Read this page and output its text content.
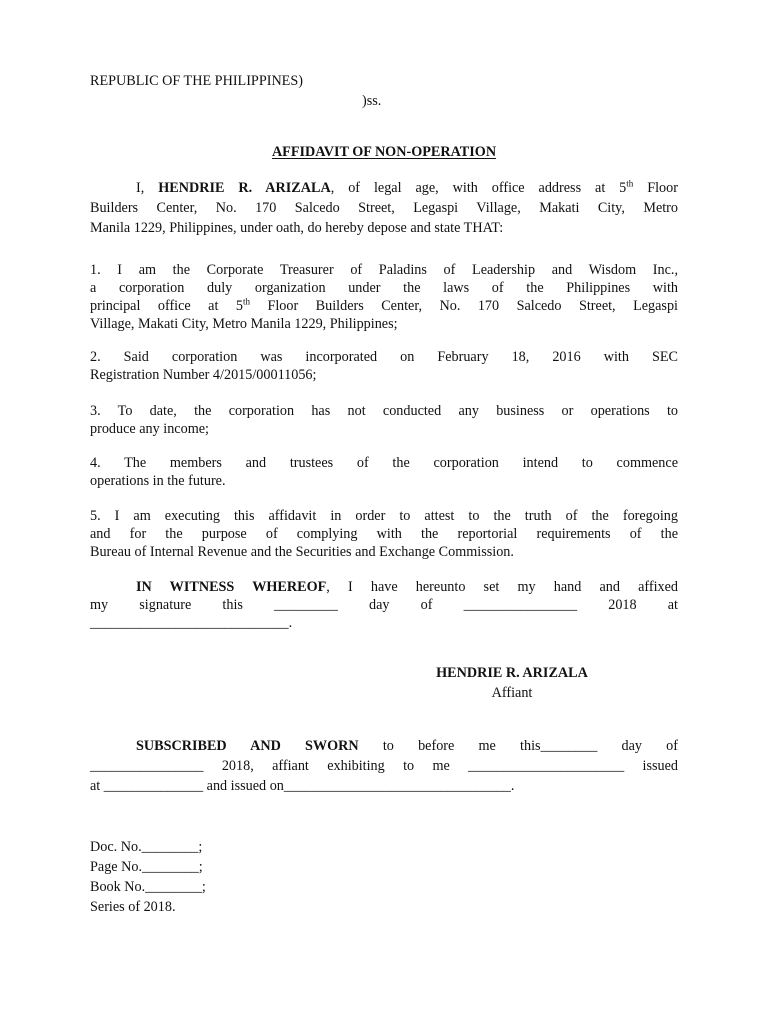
REPUBLIC OF THE PHILIPPINES)
)ss.
AFFIDAVIT OF NON-OPERATION
I, HENDRIE R. ARIZALA, of legal age, with office address at 5th Floor
Builders Center, No. 170 Salcedo Street, Legaspi Village, Makati City, Metro
Manila 1229, Philippines, under oath, do hereby depose and state THAT:
1. I am the Corporate Treasurer of Paladins of Leadership and Wisdom Inc.,
a corporation duly organization under the laws of the Philippines with
principal office at 5th Floor Builders Center, No. 170 Salcedo Street, Legaspi
Village, Makati City, Metro Manila 1229, Philippines;
2. Said corporation was incorporated on February 18, 2016 with SEC
Registration Number 4/2015/00011056;
3. To date, the corporation has not conducted any business or operations to
produce any income;
4. The members and trustees of the corporation intend to commence
operations in the future.
5. I am executing this affidavit in order to attest to the truth of the foregoing
and for the purpose of complying with the reportorial requirements of the
Bureau of Internal Revenue and the Securities and Exchange Commission.
IN WITNESS WHEREOF, I have hereunto set my hand and affixed
my signature this _________ day of ________________ 2018 at
____________________________.
HENDRIE R. ARIZALA
Affiant
SUBSCRIBED AND SWORN to before me this________ day of
________________ 2018, affiant exhibiting to me ______________________ issued
at ______________ and issued on________________________________.
Doc. No.________;
Page No.________;
Book No.________;
Series of 2018.
